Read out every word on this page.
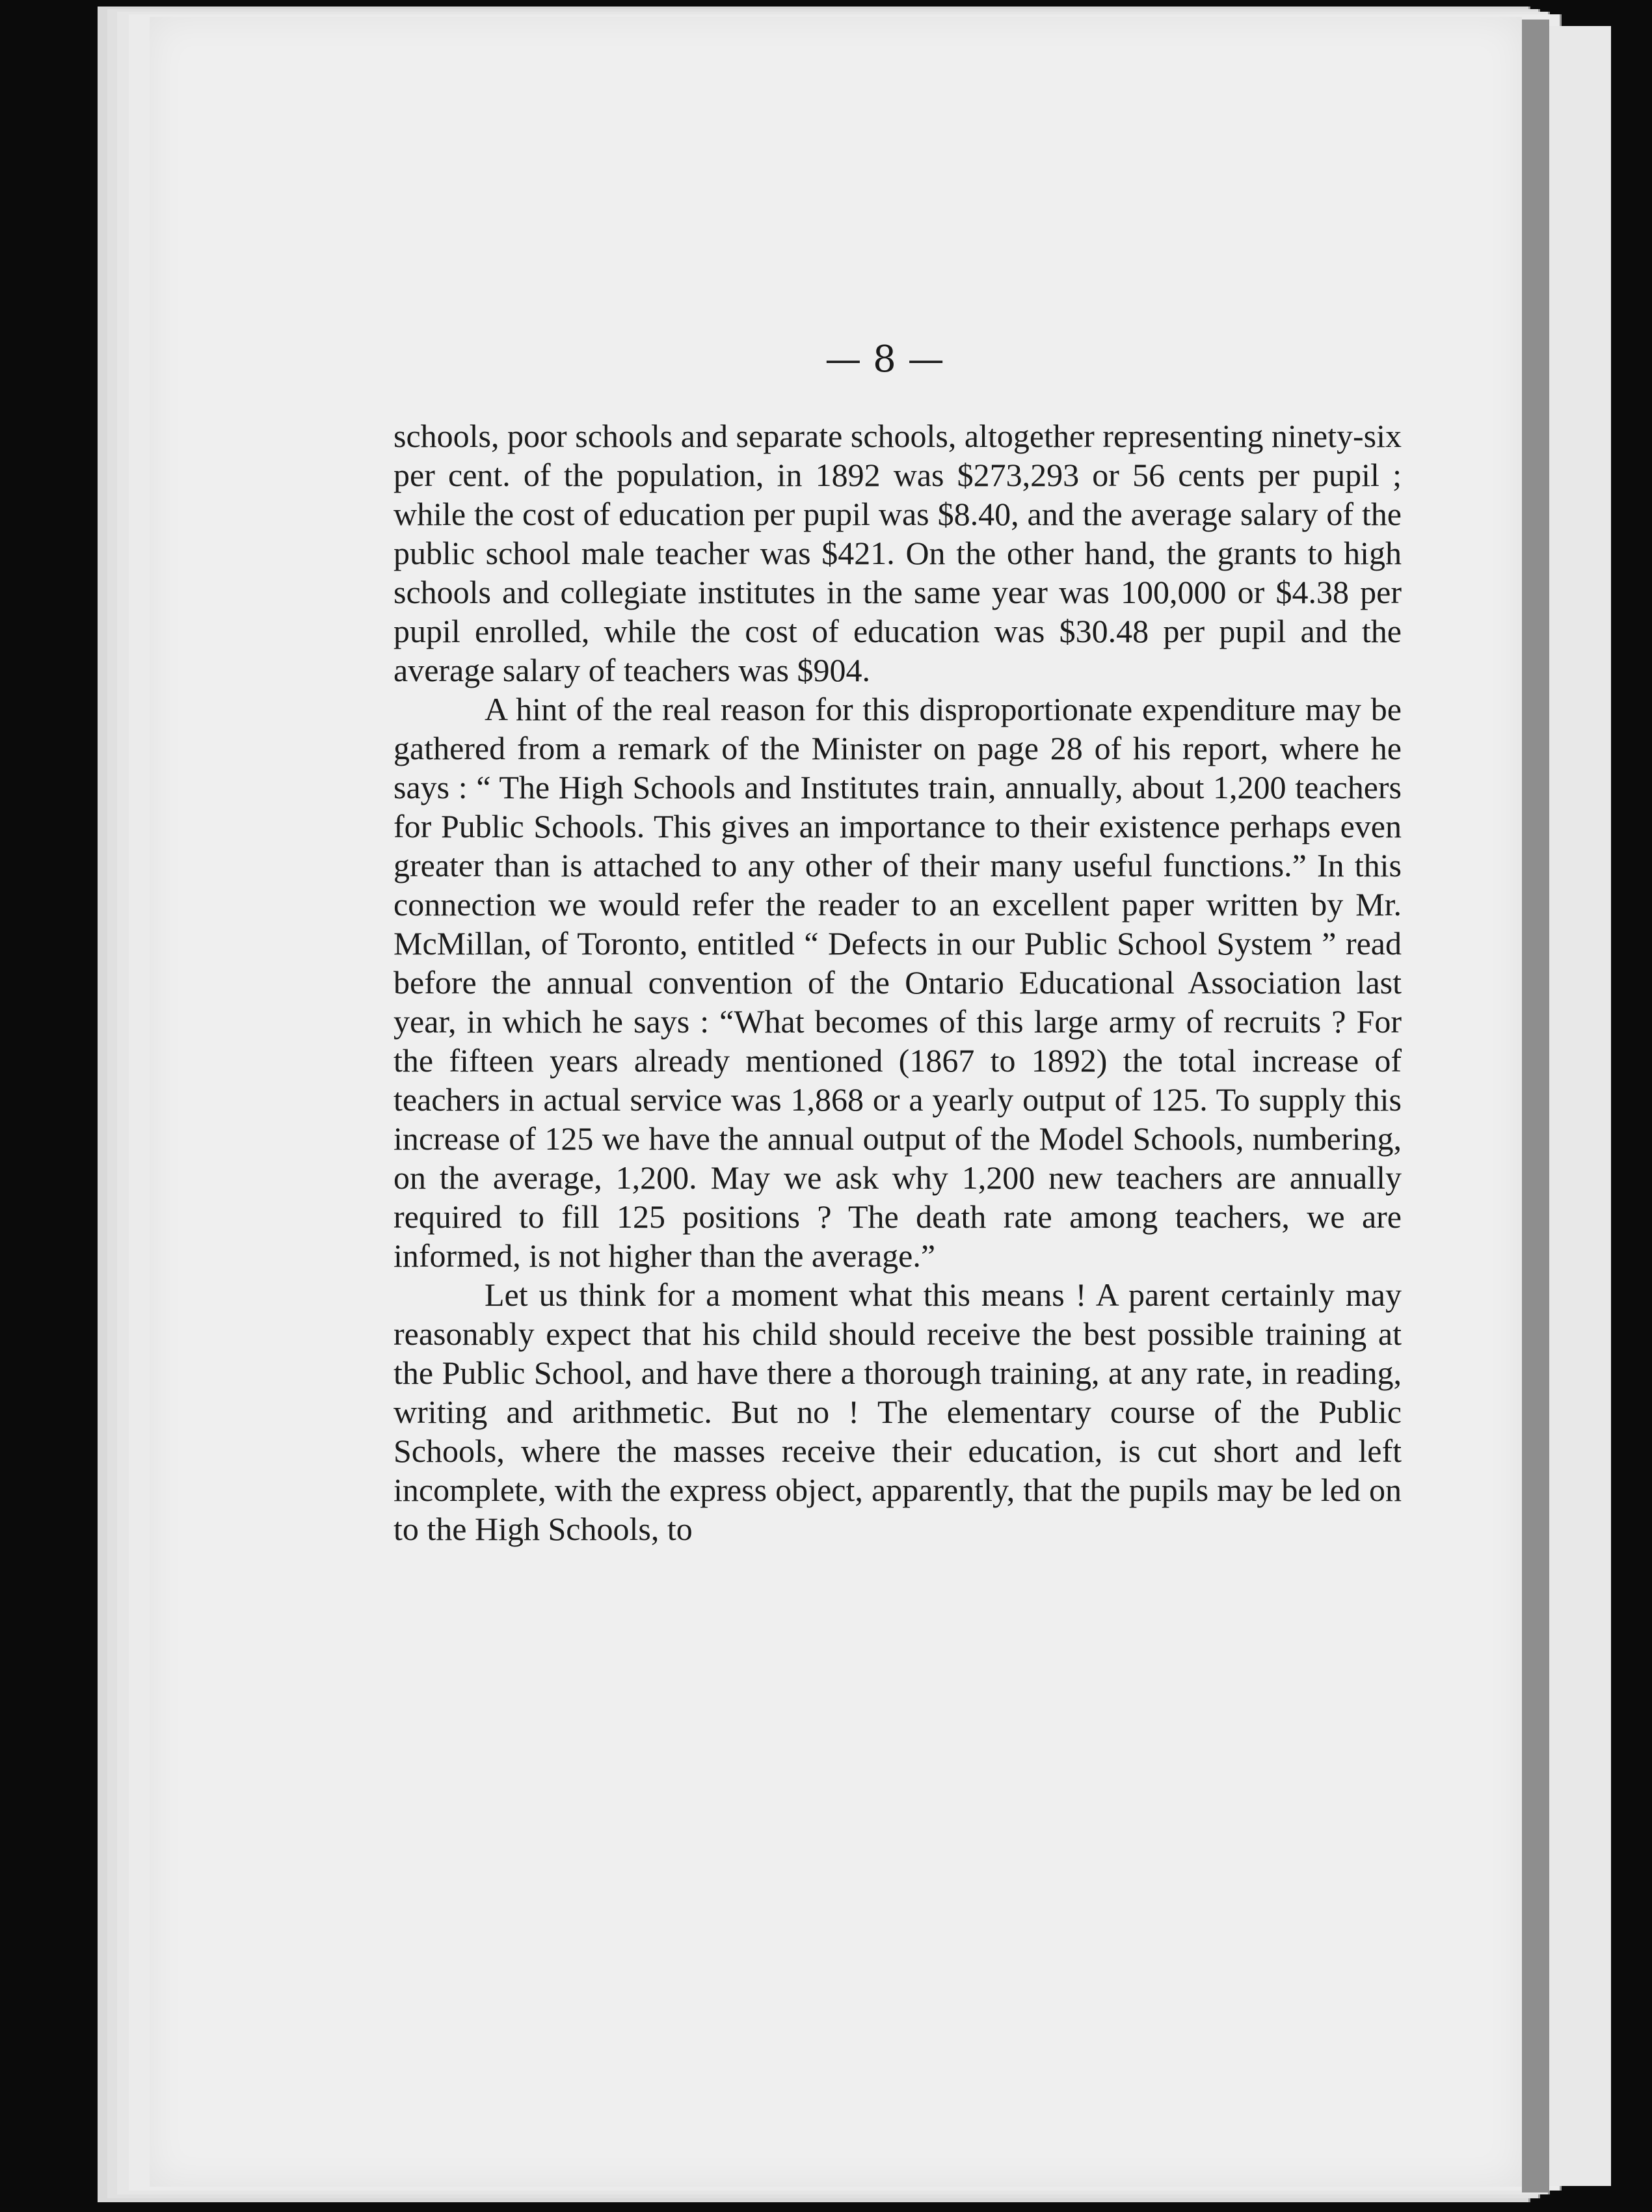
— 8 —

schools, poor schools and separate schools, altogether representing ninety-six per cent. of the population, in 1892 was $273,293 or 56 cents per pupil ; while the cost of education per pupil was $8.40, and the average salary of the public school male teacher was $421. On the other hand, the grants to high schools and collegiate institutes in the same year was 100,000 or $4.38 per pupil enrolled, while the cost of education was $30.48 per pupil and the average salary of teachers was $904.

A hint of the real reason for this disproportionate expenditure may be gathered from a remark of the Minister on page 28 of his report, where he says : “ The High Schools and Institutes train, annually, about 1,200 teachers for Public Schools. This gives an importance to their existence perhaps even greater than is attached to any other of their many useful functions.” In this connection we would refer the reader to an excellent paper written by Mr. McMillan, of Toronto, entitled “ Defects in our Public School System ” read before the annual convention of the Ontario Educational Association last year, in which he says : “What becomes of this large army of recruits ? For the fifteen years already mentioned (1867 to 1892) the total increase of teachers in actual service was 1,868 or a yearly output of 125. To supply this increase of 125 we have the annual output of the Model Schools, numbering, on the average, 1,200. May we ask why 1,200 new teachers are annually required to fill 125 positions ? The death rate among teachers, we are informed, is not higher than the average.”

Let us think for a moment what this means ! A parent certainly may reasonably expect that his child should receive the best possible training at the Public School, and have there a thorough training, at any rate, in reading, writing and arithmetic. But no ! The elementary course of the Public Schools, where the masses receive their education, is cut short and left incomplete, with the express object, apparently, that the pupils may be led on to the High Schools, to
